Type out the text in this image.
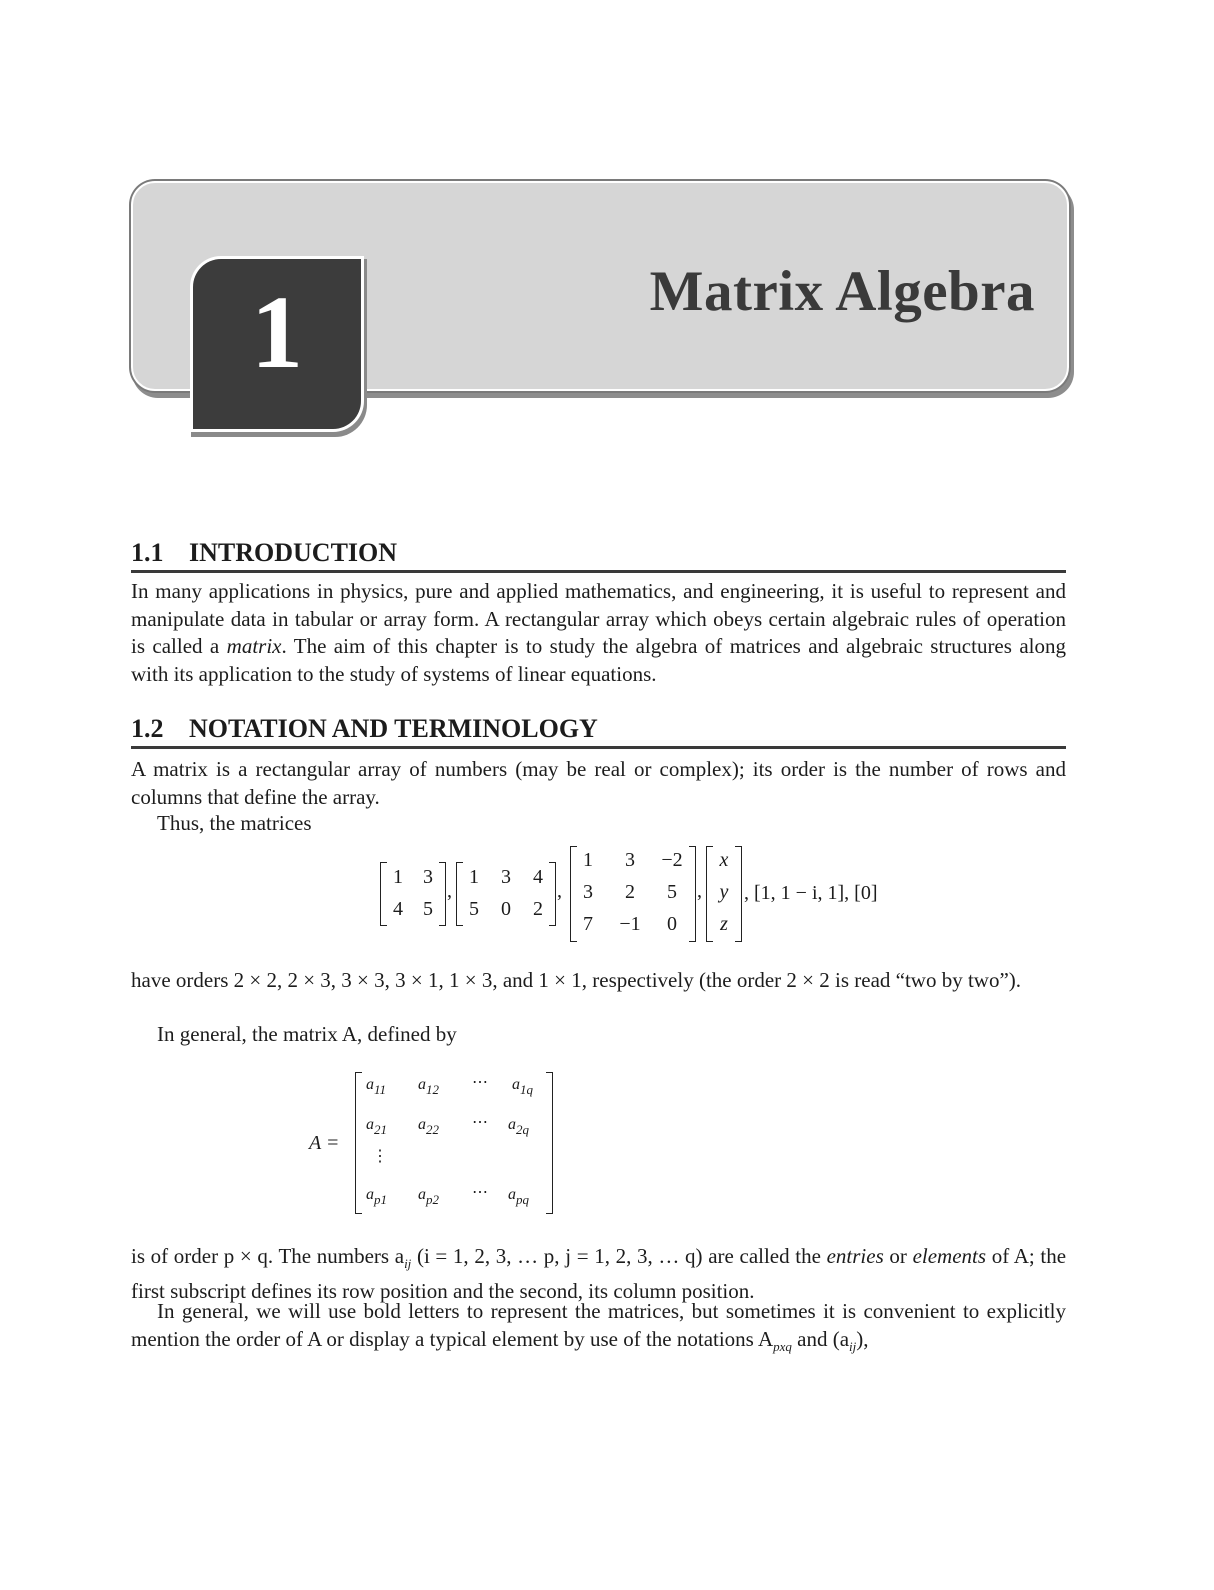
Matrix Algebra
1
1.1 INTRODUCTION
In many applications in physics, pure and applied mathematics, and engineering, it is useful to represent and manipulate data in tabular or array form. A rectangular array which obeys certain algebraic rules of operation is called a matrix. The aim of this chapter is to study the algebra of matrices and algebraic structures along with its application to the study of systems of linear equations.
1.2 NOTATION AND TERMINOLOGY
A matrix is a rectangular array of numbers (may be real or complex); its order is the number of rows and columns that define the array.
Thus, the matrices
1	3
4	5
,
1	3	4
5	0	2
,
1	3	−2
3	2	5
7	−1	0
,
x
y
z
, [1, 1 − i, 1], [0]
have orders 2 × 2, 2 × 3, 3 × 3, 3 × 1, 1 × 3, and 1 × 1, respectively (the order 2 × 2 is read “two by two”).
In general, the matrix A, defined by
A =
$a_{11}$ $a_{12}$ ⋯ $a_{1q}$
$a_{21}$ $a_{22}$ ⋯ $a_{2q}$
⋮
$a_{p1}$ $a_{p2}$ ⋯ $a_{pq}$
is of order p × q. The numbers $a_{ij}$ (i = 1, 2, 3, … p, j = 1, 2, 3, … q) are called the entries or elements of A; the first subscript defines its row position and the second, its column position.
In general, we will use bold letters to represent the matrices, but sometimes it is convenient to explicitly mention the order of A or display a typical element by use of the notations $A_{pxq}$ and $(a_{ij})$,
